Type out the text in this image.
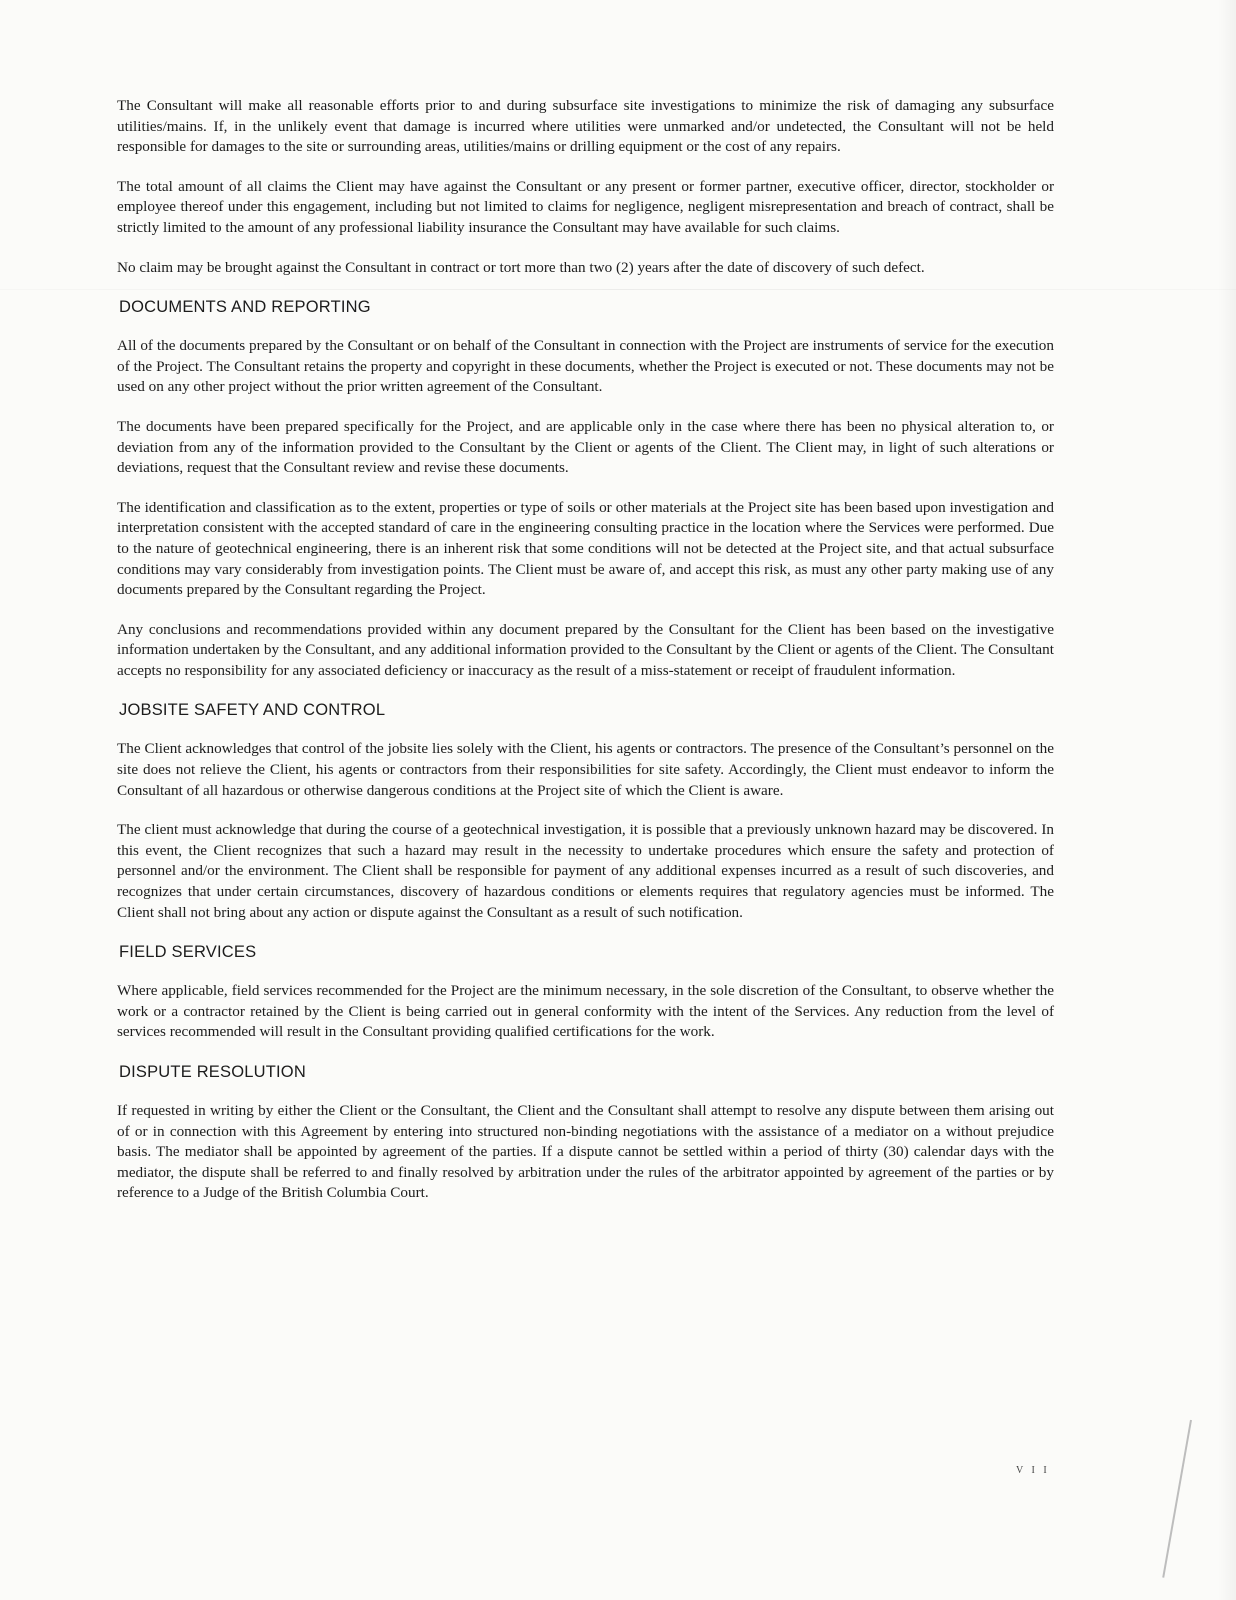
The Consultant will make all reasonable efforts prior to and during subsurface site investigations to minimize the risk of damaging any subsurface utilities/mains. If, in the unlikely event that damage is incurred where utilities were unmarked and/or undetected, the Consultant will not be held responsible for damages to the site or surrounding areas, utilities/mains or drilling equipment or the cost of any repairs.

The total amount of all claims the Client may have against the Consultant or any present or former partner, executive officer, director, stockholder or employee thereof under this engagement, including but not limited to claims for negligence, negligent misrepresentation and breach of contract, shall be strictly limited to the amount of any professional liability insurance the Consultant may have available for such claims.

No claim may be brought against the Consultant in contract or tort more than two (2) years after the date of discovery of such defect.

DOCUMENTS AND REPORTING

All of the documents prepared by the Consultant or on behalf of the Consultant in connection with the Project are instruments of service for the execution of the Project. The Consultant retains the property and copyright in these documents, whether the Project is executed or not. These documents may not be used on any other project without the prior written agreement of the Consultant.

The documents have been prepared specifically for the Project, and are applicable only in the case where there has been no physical alteration to, or deviation from any of the information provided to the Consultant by the Client or agents of the Client. The Client may, in light of such alterations or deviations, request that the Consultant review and revise these documents.

The identification and classification as to the extent, properties or type of soils or other materials at the Project site has been based upon investigation and interpretation consistent with the accepted standard of care in the engineering consulting practice in the location where the Services were performed. Due to the nature of geotechnical engineering, there is an inherent risk that some conditions will not be detected at the Project site, and that actual subsurface conditions may vary considerably from investigation points. The Client must be aware of, and accept this risk, as must any other party making use of any documents prepared by the Consultant regarding the Project.

Any conclusions and recommendations provided within any document prepared by the Consultant for the Client has been based on the investigative information undertaken by the Consultant, and any additional information provided to the Consultant by the Client or agents of the Client. The Consultant accepts no responsibility for any associated deficiency or inaccuracy as the result of a miss-statement or receipt of fraudulent information.

JOBSITE SAFETY AND CONTROL

The Client acknowledges that control of the jobsite lies solely with the Client, his agents or contractors. The presence of the Consultant’s personnel on the site does not relieve the Client, his agents or contractors from their responsibilities for site safety. Accordingly, the Client must endeavor to inform the Consultant of all hazardous or otherwise dangerous conditions at the Project site of which the Client is aware.

The client must acknowledge that during the course of a geotechnical investigation, it is possible that a previously unknown hazard may be discovered. In this event, the Client recognizes that such a hazard may result in the necessity to undertake procedures which ensure the safety and protection of personnel and/or the environment. The Client shall be responsible for payment of any additional expenses incurred as a result of such discoveries, and recognizes that under certain circumstances, discovery of hazardous conditions or elements requires that regulatory agencies must be informed. The Client shall not bring about any action or dispute against the Consultant as a result of such notification.

FIELD SERVICES

Where applicable, field services recommended for the Project are the minimum necessary, in the sole discretion of the Consultant, to observe whether the work or a contractor retained by the Client is being carried out in general conformity with the intent of the Services. Any reduction from the level of services recommended will result in the Consultant providing qualified certifications for the work.

DISPUTE RESOLUTION

If requested in writing by either the Client or the Consultant, the Client and the Consultant shall attempt to resolve any dispute between them arising out of or in connection with this Agreement by entering into structured non-binding negotiations with the assistance of a mediator on a without prejudice basis. The mediator shall be appointed by agreement of the parties. If a dispute cannot be settled within a period of thirty (30) calendar days with the mediator, the dispute shall be referred to and finally resolved by arbitration under the rules of the arbitrator appointed by agreement of the parties or by reference to a Judge of the British Columbia Court.

V I I
